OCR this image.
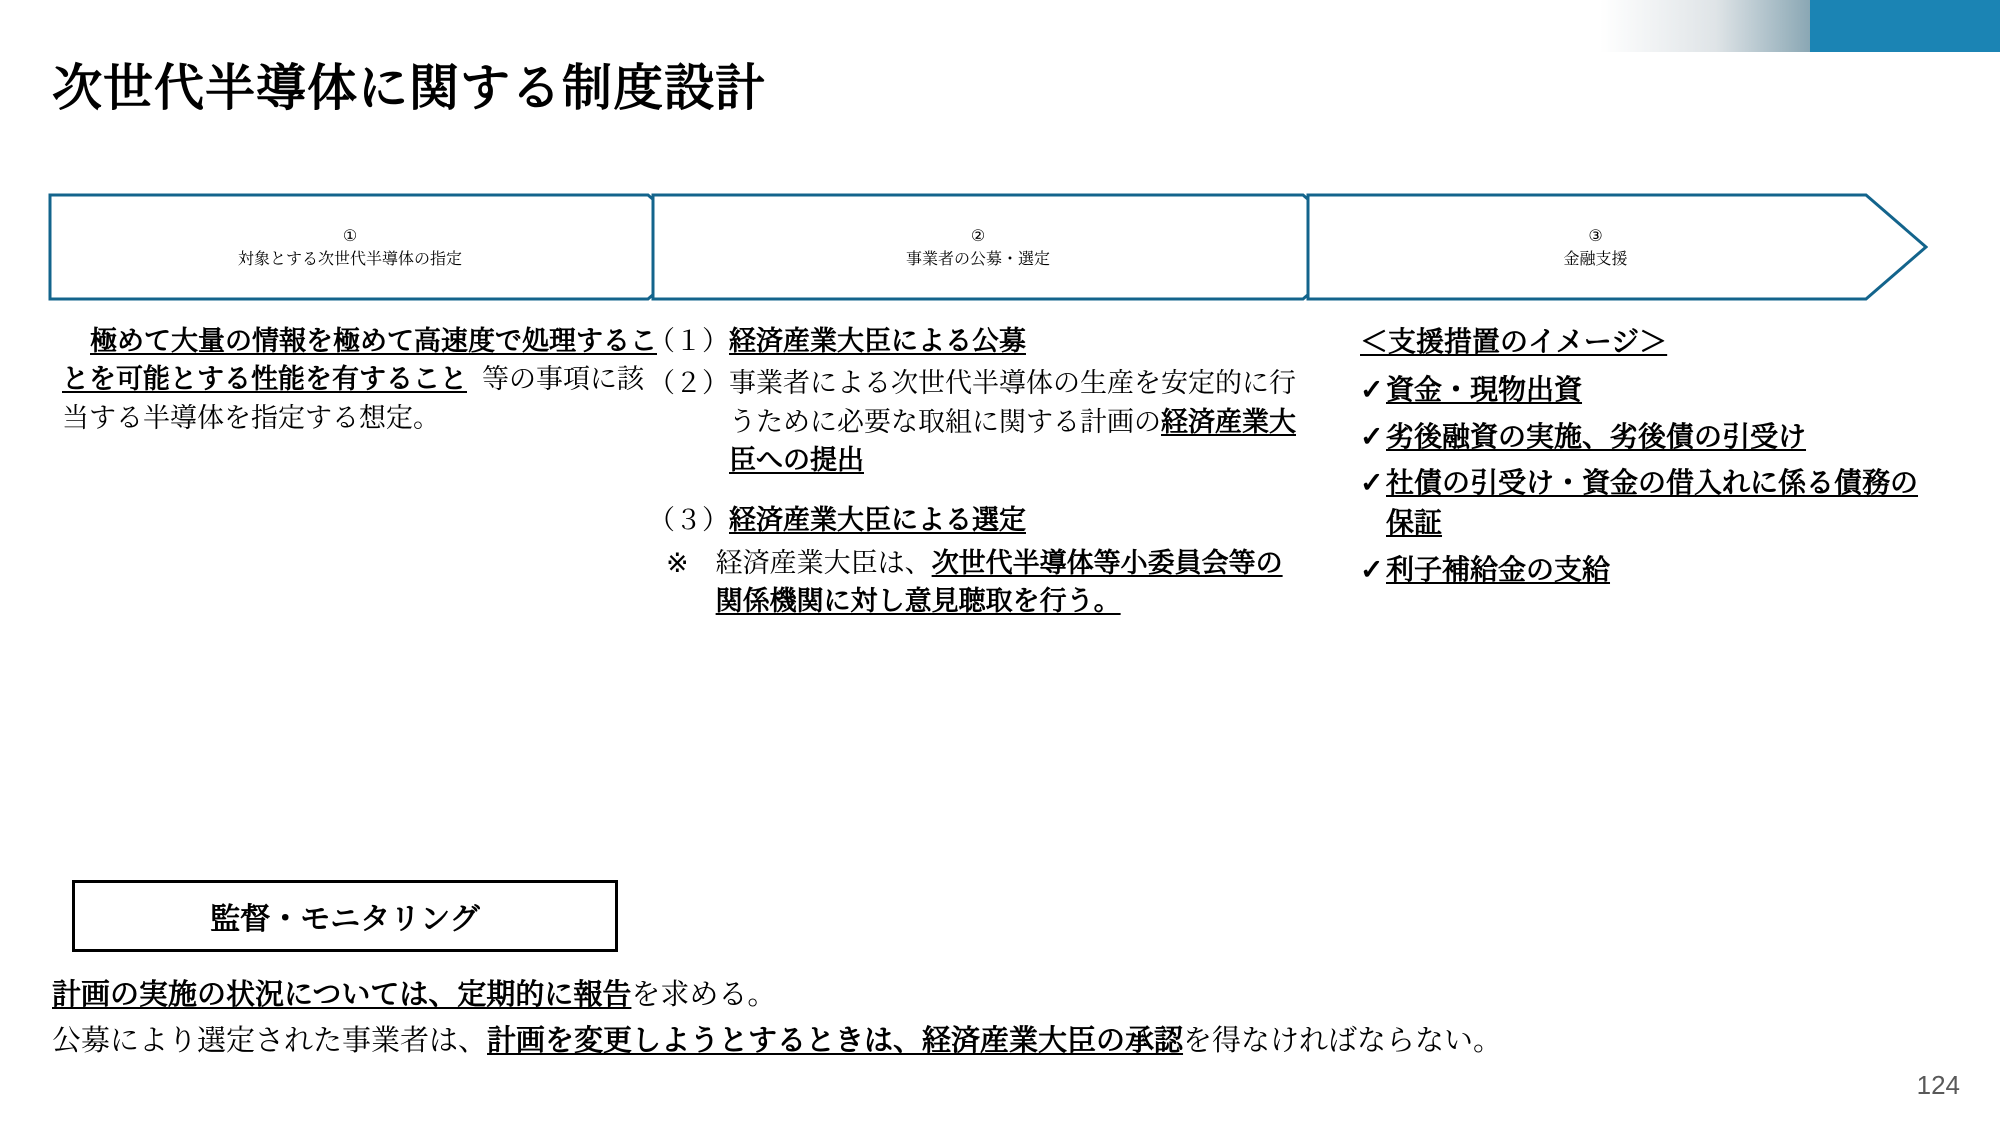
次世代半導体に関する制度設計
①
対象とする次世代半導体の指定
②
事業者の公募・選定
③
金融支援
極めて大量の情報を極めて高速度で処理することを可能とする性能を有すること 等の事項に該当する半導体を指定する想定。
（１） 経済産業大臣による公募
（２） 事業者による次世代半導体の生産を安定的に行うために必要な取組に関する計画の経済産業大臣への提出
（３） 経済産業大臣による選定
※　 経済産業大臣は、次世代半導体等小委員会等の関係機関に対し意見聴取を行う。
＜支援措置のイメージ＞
✓ 資金・現物出資
✓ 劣後融資の実施、劣後債の引受け
✓ 社債の引受け・資金の借入れに係る債務の保証
✓ 利子補給金の支給
監督・モニタリング
計画の実施の状況については、定期的に報告を求める。
公募により選定された事業者は、計画を変更しようとするときは、経済産業大臣の承認を得なければならない。
124
